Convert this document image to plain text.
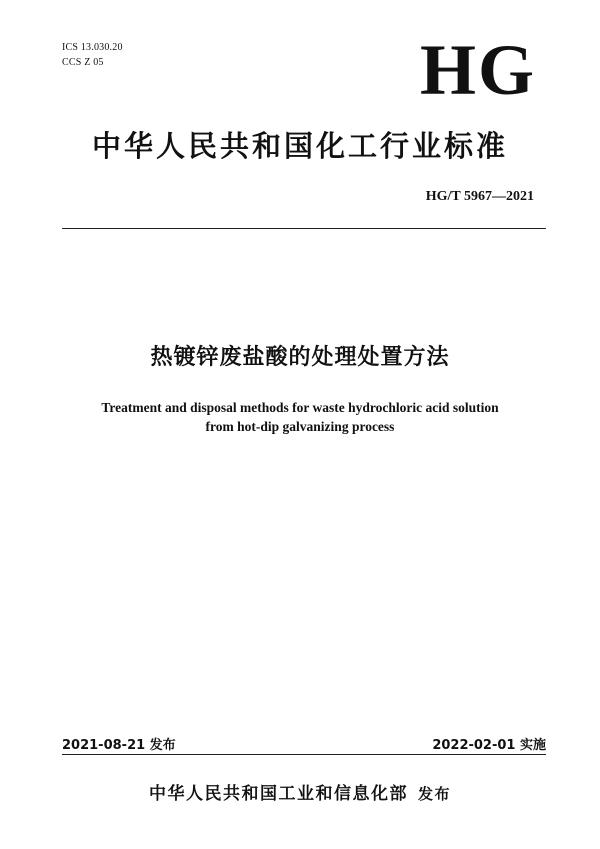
ICS 13.030.20
CCS Z 05	HG
中华人民共和国化工行业标准
HG/T 5967—2021
热镀锌废盐酸的处理处置方法
Treatment and disposal methods for waste hydrochloric acid solution
from hot-dip galvanizing process
2021-08-21 发布	2022-02-01 实施
中华人民共和国工业和信息化部 发布
